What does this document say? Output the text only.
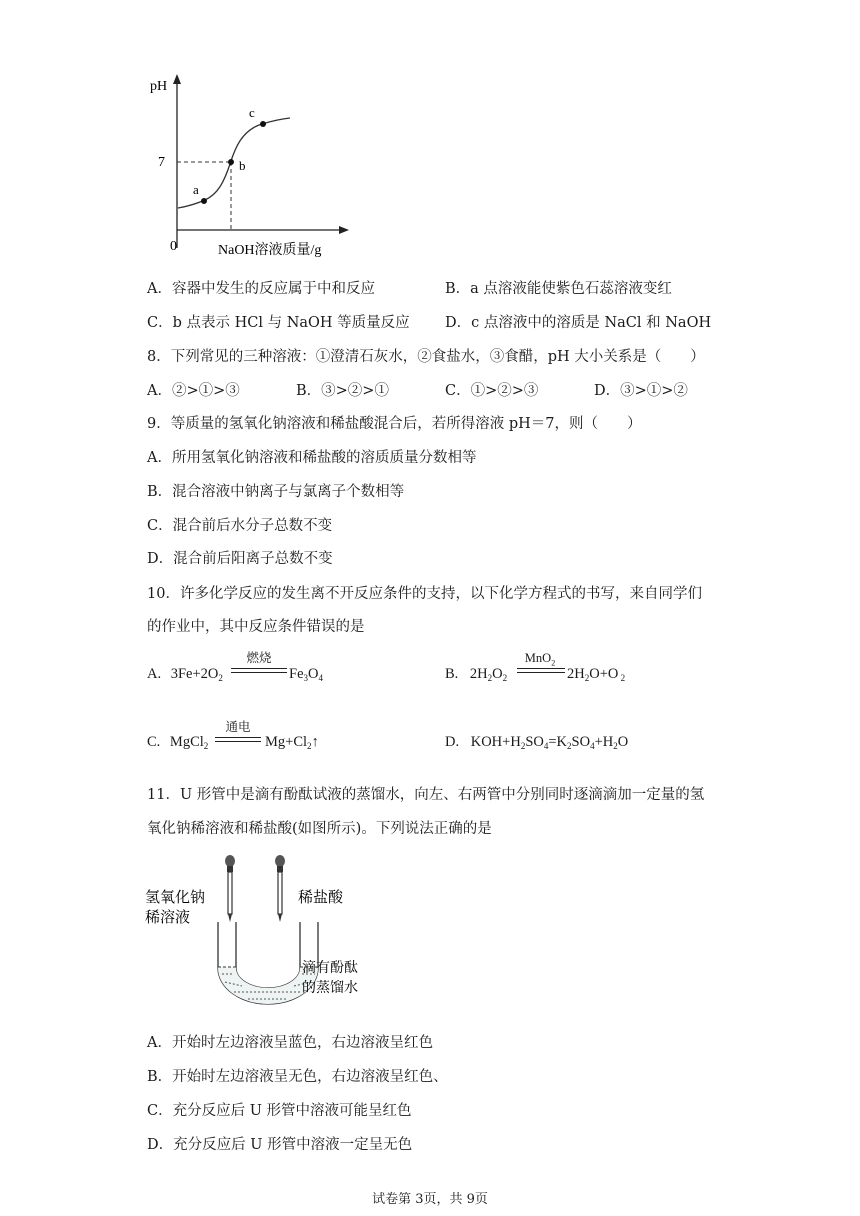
pH
7
0	NaOH溶液质量/g
a
b
c
A．容器中发生的反应属于中和反应	B．a 点溶液能使紫色石蕊溶液变红
C．b 点表示 HCl 与 NaOH 等质量反应 D．c 点溶液中的溶质是 NaCl 和 NaOH
8．下列常见的三种溶液：①澄清石灰水，②食盐水，③食醋，pH 大小关系是（　　）
A．②>①>③	B．③>②>①	C．①>②>③	D．③>①>②
9．等质量的氢氧化钠溶液和稀盐酸混合后，若所得溶液 pH＝7，则（　　）
A．所用氢氧化钠溶液和稀盐酸的溶质质量分数相等
B．混合溶液中钠离子与氯离子个数相等
C．混合前后水分子总数不变
D．混合前后阳离子总数不变
10．许多化学反应的发生离不开反应条件的支持，以下化学方程式的书写，来自同学们
的作业中，其中反应条件错误的是
A. $3Fe+2O_2$
燃烧
$Fe_3O_4$	B. $2H_2O_2$
MnO$_2$
$2H_2O+O$ $_2$
C. MgCl$_2$
通电
$Mg+Cl_2↑$	D. $KOH+H_2SO_4=K_2SO_4+H_2O$
11．U 形管中是滴有酚酞试液的蒸馏水，向左、右两管中分别同时逐滴滴加一定量的氢
氧化钠稀溶液和稀盐酸(如图所示)。下列说法正确的是
氢氧化钠
稀溶液
稀盐酸
滴有酚酞
的蒸馏水
A．开始时左边溶液呈蓝色，右边溶液呈红色
B．开始时左边溶液呈无色，右边溶液呈红色、
C．充分反应后 U 形管中溶液可能呈红色
D．充分反应后 U 形管中溶液一定呈无色
试卷第 3页，共 9页
